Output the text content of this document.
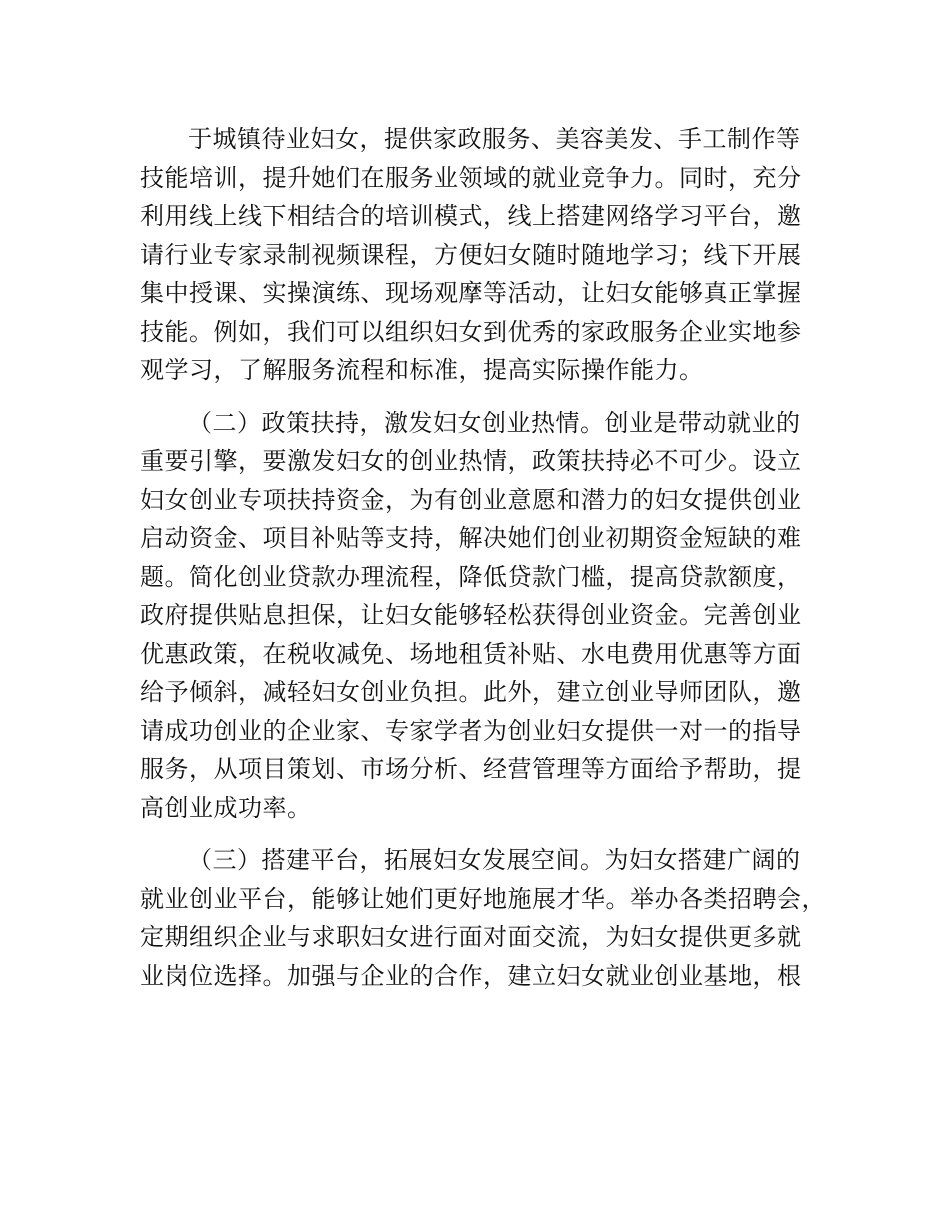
于城镇待业妇女，提供家政服务、美容美发、手工制作等
技能培训，提升她们在服务业领域的就业竞争力。同时，充分
利用线上线下相结合的培训模式，线上搭建网络学习平台，邀
请行业专家录制视频课程，方便妇女随时随地学习；线下开展
集中授课、实操演练、现场观摩等活动，让妇女能够真正掌握
技能。例如，我们可以组织妇女到优秀的家政服务企业实地参
观学习，了解服务流程和标准，提高实际操作能力。
（二）政策扶持，激发妇女创业热情。创业是带动就业的
重要引擎，要激发妇女的创业热情，政策扶持必不可少。设立
妇女创业专项扶持资金，为有创业意愿和潜力的妇女提供创业
启动资金、项目补贴等支持，解决她们创业初期资金短缺的难
题。简化创业贷款办理流程，降低贷款门槛，提高贷款额度，
政府提供贴息担保，让妇女能够轻松获得创业资金。完善创业
优惠政策，在税收减免、场地租赁补贴、水电费用优惠等方面
给予倾斜，减轻妇女创业负担。此外，建立创业导师团队，邀
请成功创业的企业家、专家学者为创业妇女提供一对一的指导
服务，从项目策划、市场分析、经营管理等方面给予帮助，提
高创业成功率。
（三）搭建平台，拓展妇女发展空间。为妇女搭建广阔的
就业创业平台，能够让她们更好地施展才华。举办各类招聘会，
定期组织企业与求职妇女进行面对面交流，为妇女提供更多就
业岗位选择。加强与企业的合作，建立妇女就业创业基地，根
